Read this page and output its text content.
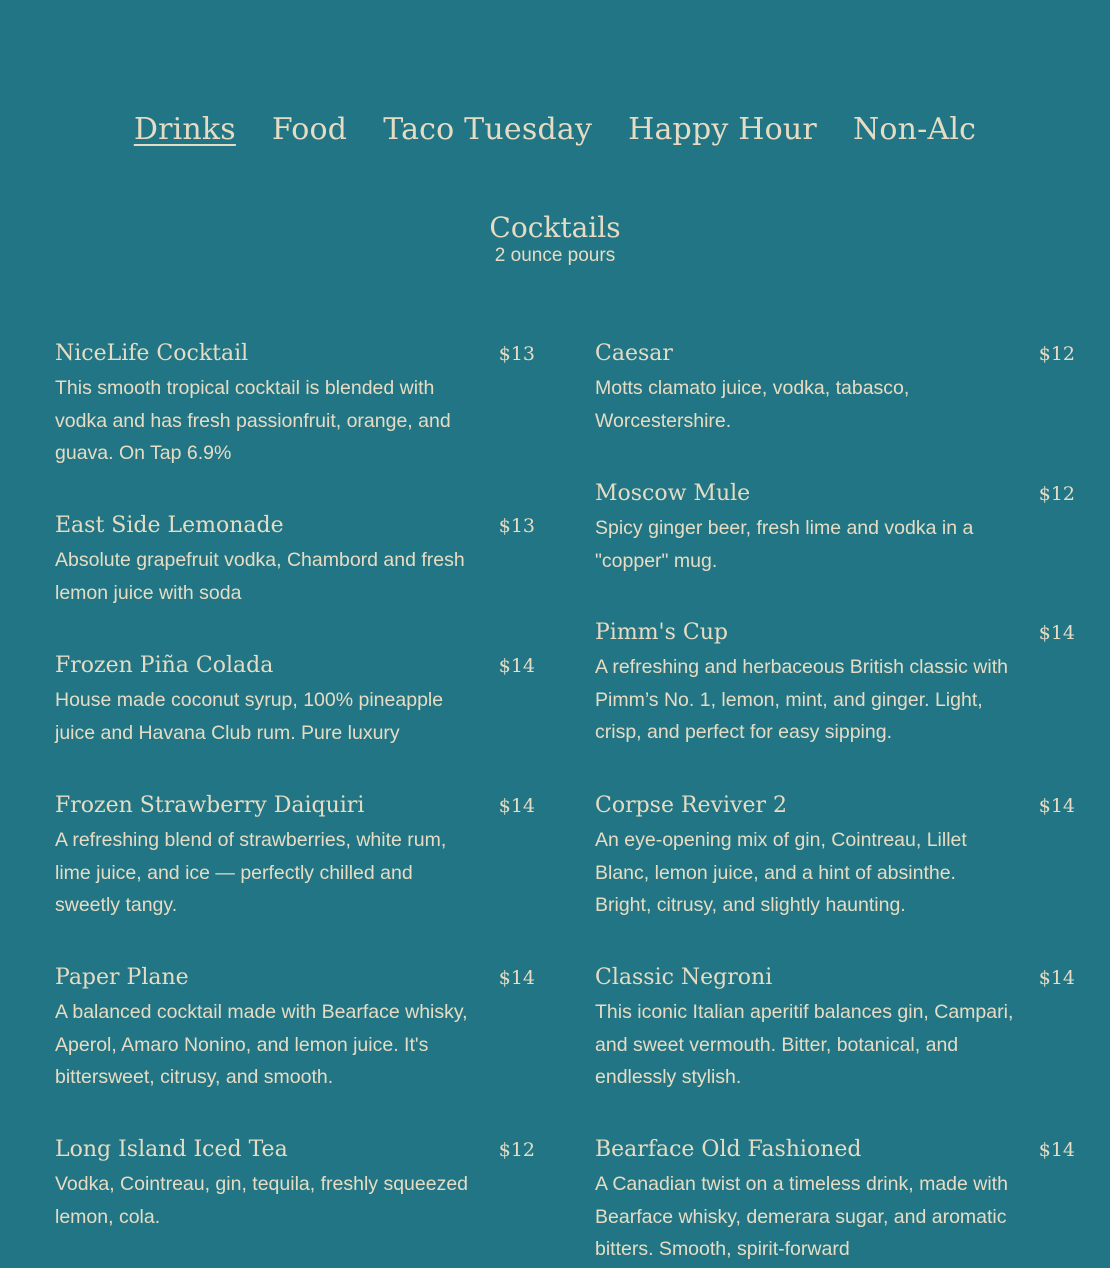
Drinks Food Taco Tuesday Happy Hour Non-Alc
Cocktails
2 ounce pours
NiceLife Cocktail	$13
This smooth tropical cocktail is blended with vodka and has fresh passionfruit, orange, and guava. On Tap 6.9%
East Side Lemonade	$13
Absolute grapefruit vodka, Chambord and fresh lemon juice with soda
Frozen Piña Colada	$14
House made coconut syrup, 100% pineapple juice and Havana Club rum. Pure luxury
Frozen Strawberry Daiquiri	$14
A refreshing blend of strawberries, white rum, lime juice, and ice — perfectly chilled and sweetly tangy.
Paper Plane	$14
A balanced cocktail made with Bearface whisky, Aperol, Amaro Nonino, and lemon juice. It's bittersweet, citrusy, and smooth.
Long Island Iced Tea	$12
Vodka, Cointreau, gin, tequila, freshly squeezed lemon, cola.
Caesar	$12
Motts clamato juice, vodka, tabasco, Worcestershire.
Moscow Mule	$12
Spicy ginger beer, fresh lime and vodka in a "copper" mug.
Pimm's Cup	$14
A refreshing and herbaceous British classic with Pimm’s No. 1, lemon, mint, and ginger. Light, crisp, and perfect for easy sipping.
Corpse Reviver 2	$14
An eye-opening mix of gin, Cointreau, Lillet Blanc, lemon juice, and a hint of absinthe. Bright, citrusy, and slightly haunting.
Classic Negroni	$14
This iconic Italian aperitif balances gin, Campari, and sweet vermouth. Bitter, botanical, and endlessly stylish.
Bearface Old Fashioned	$14
A Canadian twist on a timeless drink, made with Bearface whisky, demerara sugar, and aromatic bitters. Smooth, spirit-forward
